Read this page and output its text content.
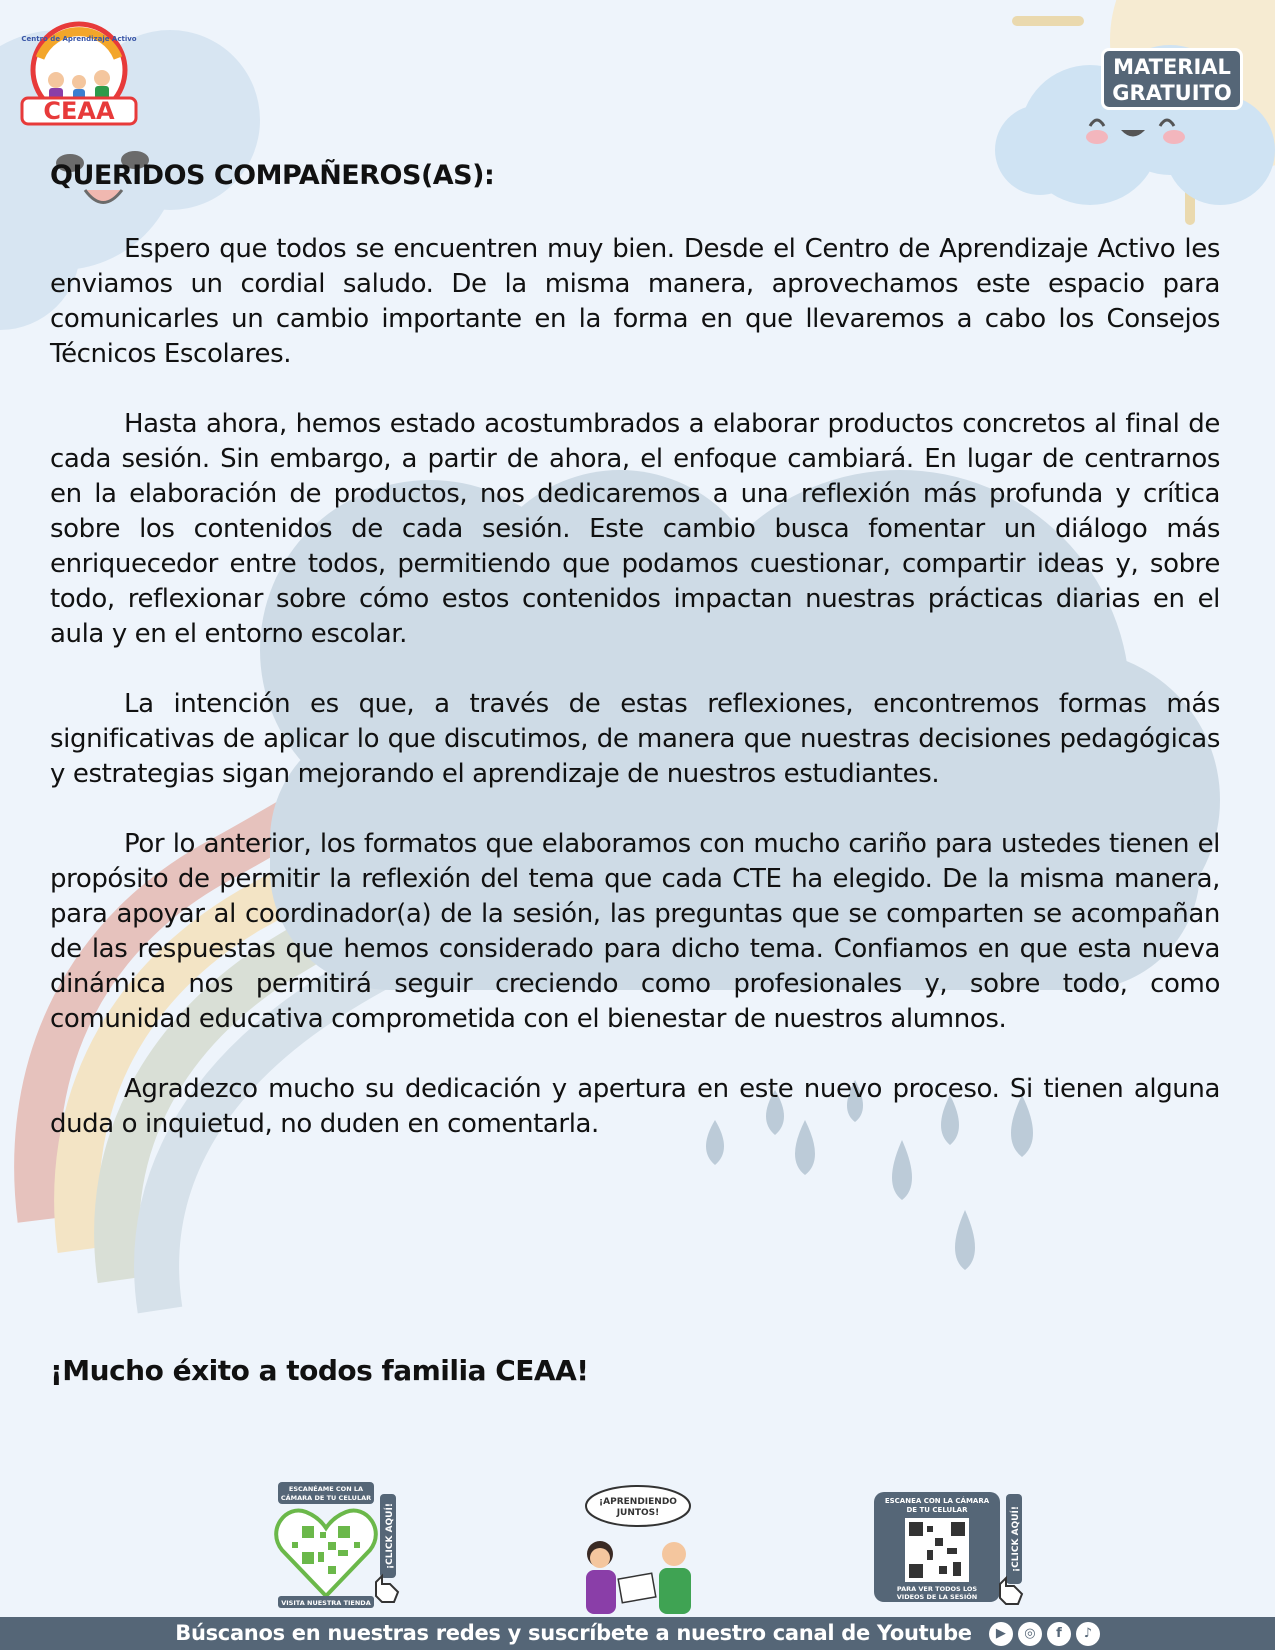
Centro de Aprendizaje Activo
CEAA
MATERIAL
GRATUITO
QUERIDOS COMPAÑEROS(AS):

Espero que todos se encuentren muy bien. Desde el Centro de Aprendizaje Activo les enviamos un cordial saludo. De la misma manera, aprovechamos este espacio para comunicarles un cambio importante en la forma en que llevaremos a cabo los Consejos Técnicos Escolares.

Hasta ahora, hemos estado acostumbrados a elaborar productos concretos al final de cada sesión. Sin embargo, a partir de ahora, el enfoque cambiará. En lugar de centrarnos en la elaboración de productos, nos dedicaremos a una reflexión más profunda y crítica sobre los contenidos de cada sesión. Este cambio busca fomentar un diálogo más enriquecedor entre todos, permitiendo que podamos cuestionar, compartir ideas y, sobre todo, reflexionar sobre cómo estos contenidos impactan nuestras prácticas diarias en el aula y en el entorno escolar.

La intención es que, a través de estas reflexiones, encontremos formas más significativas de aplicar lo que discutimos, de manera que nuestras decisiones pedagógicas y estrategias sigan mejorando el aprendizaje de nuestros estudiantes.

Por lo anterior, los formatos que elaboramos con mucho cariño para ustedes tienen el propósito de permitir la reflexión del tema que cada CTE ha elegido. De la misma manera, para apoyar al coordinador(a) de la sesión, las preguntas que se comparten se acompañan de las respuestas que hemos considerado para dicho tema. Confiamos en que esta nueva dinámica nos permitirá seguir creciendo como profesionales y, sobre todo, como comunidad educativa comprometida con el bienestar de nuestros alumnos.

Agradezco mucho su dedicación y apertura en este nuevo proceso. Si tienen alguna duda o inquietud, no duden en comentarla.

¡Mucho éxito a todos familia CEAA!
ESCANÉAME CON LA
CÁMARA DE TU CELULAR
¡CLICK AQUÍ!
VISITA NUESTRA TIENDA
¡APRENDIENDO
JUNTOS!
ESCANEA CON LA CÁMARA
DE TU CELULAR
PARA VER TODOS LOS
VIDEOS DE LA SESIÓN
¡CLICK AQUÍ!
Búscanos en nuestras redes y suscríbete a nuestro canal de Youtube	▶	◎	f	♪
